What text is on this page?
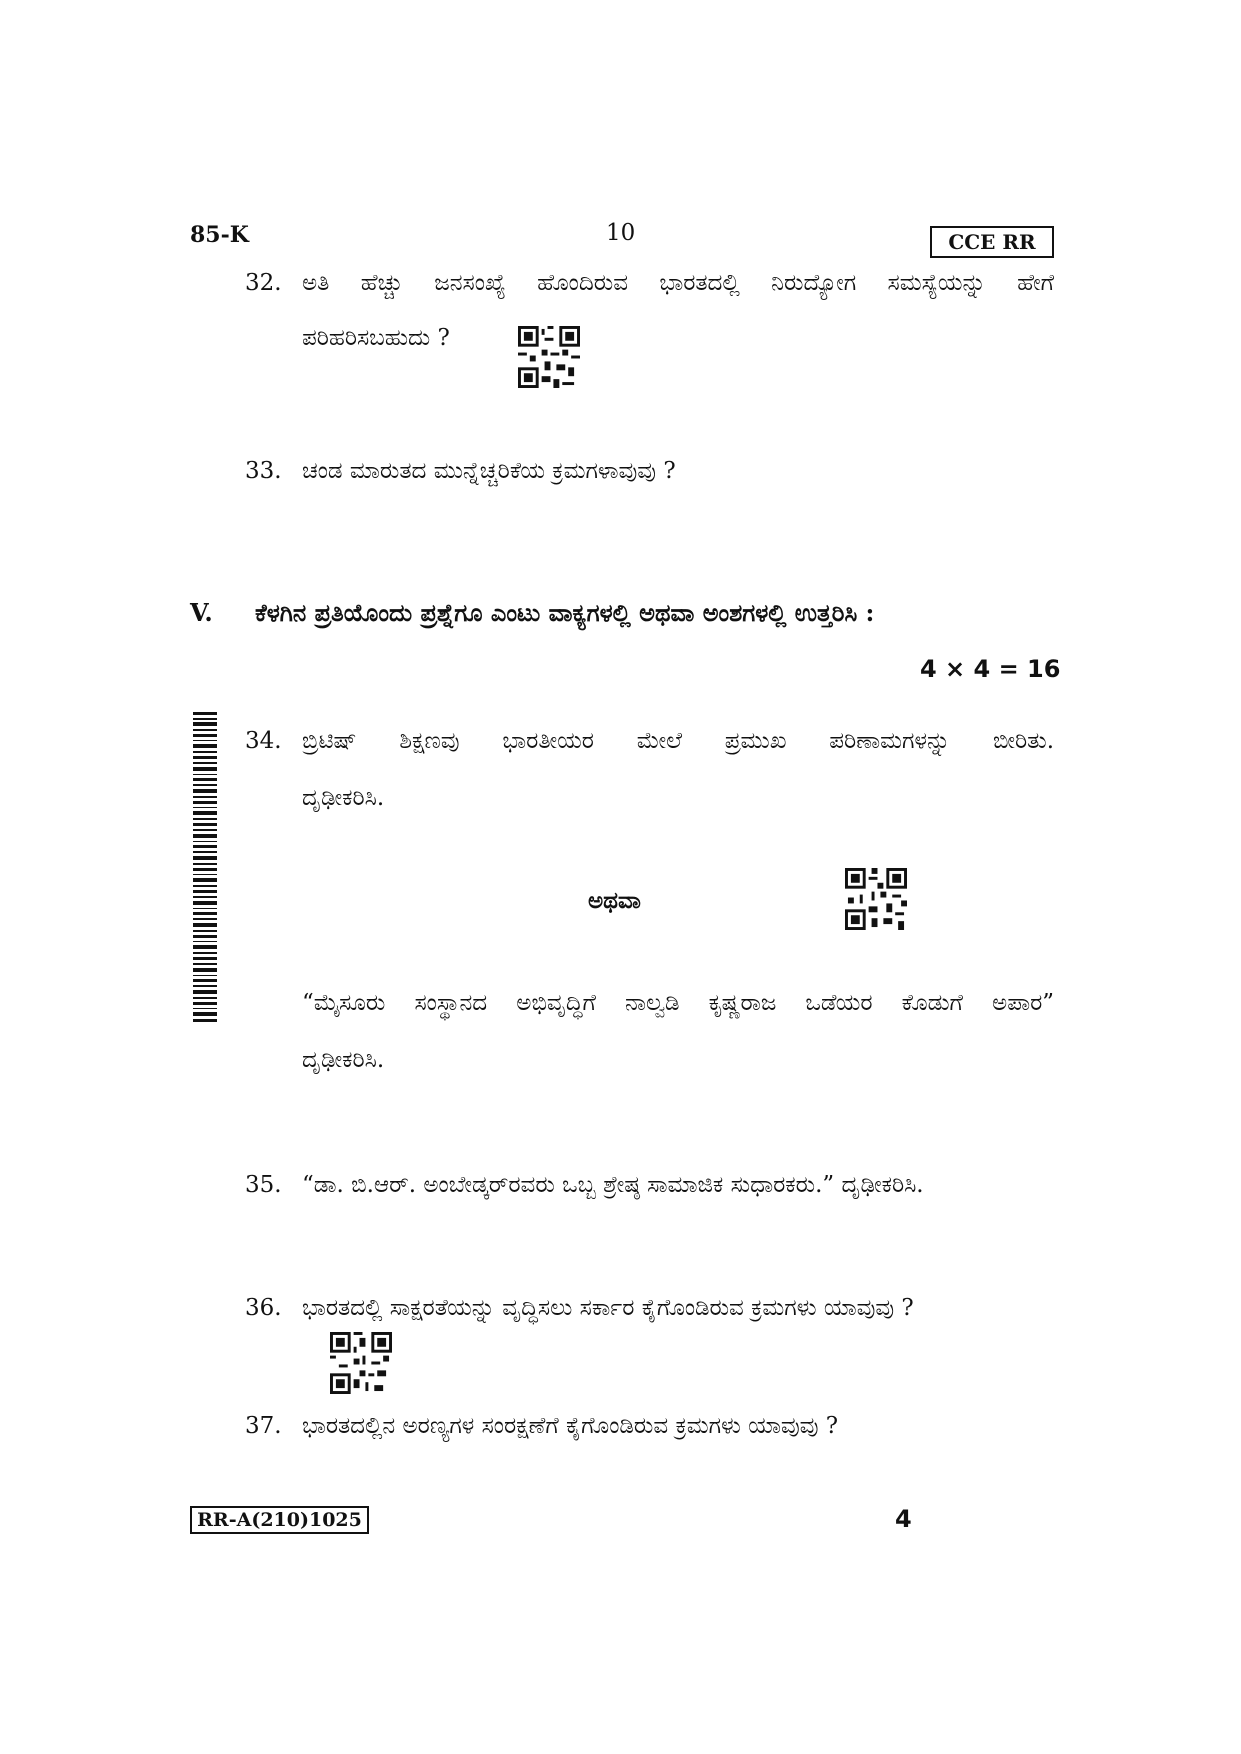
85-K	10	CCE RR
32. ಅತಿ ಹೆಚ್ಚು ಜನಸಂಖ್ಯೆ ಹೊಂದಿರುವ ಭಾರತದಲ್ಲಿ ನಿರುದ್ಯೋಗ ಸಮಸ್ಯೆಯನ್ನು ಹೇಗೆ
ಪರಿಹರಿಸಬಹುದು ?
33. ಚಂಡ ಮಾರುತದ ಮುನ್ನೆಚ್ಚರಿಕೆಯ ಕ್ರಮಗಳಾವುವು ?
V. ಕೆಳಗಿನ ಪ್ರತಿಯೊಂದು ಪ್ರಶ್ನೆಗೂ ಎಂಟು ವಾಕ್ಯಗಳಲ್ಲಿ ಅಥವಾ ಅಂಶಗಳಲ್ಲಿ ಉತ್ತರಿಸಿ :
4 × 4 = 16
34. ಬ್ರಿಟಿಷ್ ಶಿಕ್ಷಣವು ಭಾರತೀಯರ ಮೇಲೆ ಪ್ರಮುಖ ಪರಿಣಾಮಗಳನ್ನು ಬೀರಿತು.
ದೃಢೀಕರಿಸಿ.
ಅಥವಾ
“ಮೈಸೂರು ಸಂಸ್ಥಾನದ ಅಭಿವೃದ್ಧಿಗೆ ನಾಲ್ವಡಿ ಕೃಷ್ಣರಾಜ ಒಡೆಯರ ಕೊಡುಗೆ ಅಪಾರ”
ದೃಢೀಕರಿಸಿ.
35. “ಡಾ. ಬಿ.ಆರ್. ಅಂಬೇಡ್ಕರ್‌ರವರು ಒಬ್ಬ ಶ್ರೇಷ್ಠ ಸಾಮಾಜಿಕ ಸುಧಾರಕರು.” ದೃಢೀಕರಿಸಿ.
36. ಭಾರತದಲ್ಲಿ ಸಾಕ್ಷರತೆಯನ್ನು ವೃದ್ಧಿಸಲು ಸರ್ಕಾರ ಕೈಗೊಂಡಿರುವ ಕ್ರಮಗಳು ಯಾವುವು ?
37. ಭಾರತದಲ್ಲಿನ ಅರಣ್ಯಗಳ ಸಂರಕ್ಷಣೆಗೆ ಕೈಗೊಂಡಿರುವ ಕ್ರಮಗಳು ಯಾವುವು ?
RR-A(210)1025	4
